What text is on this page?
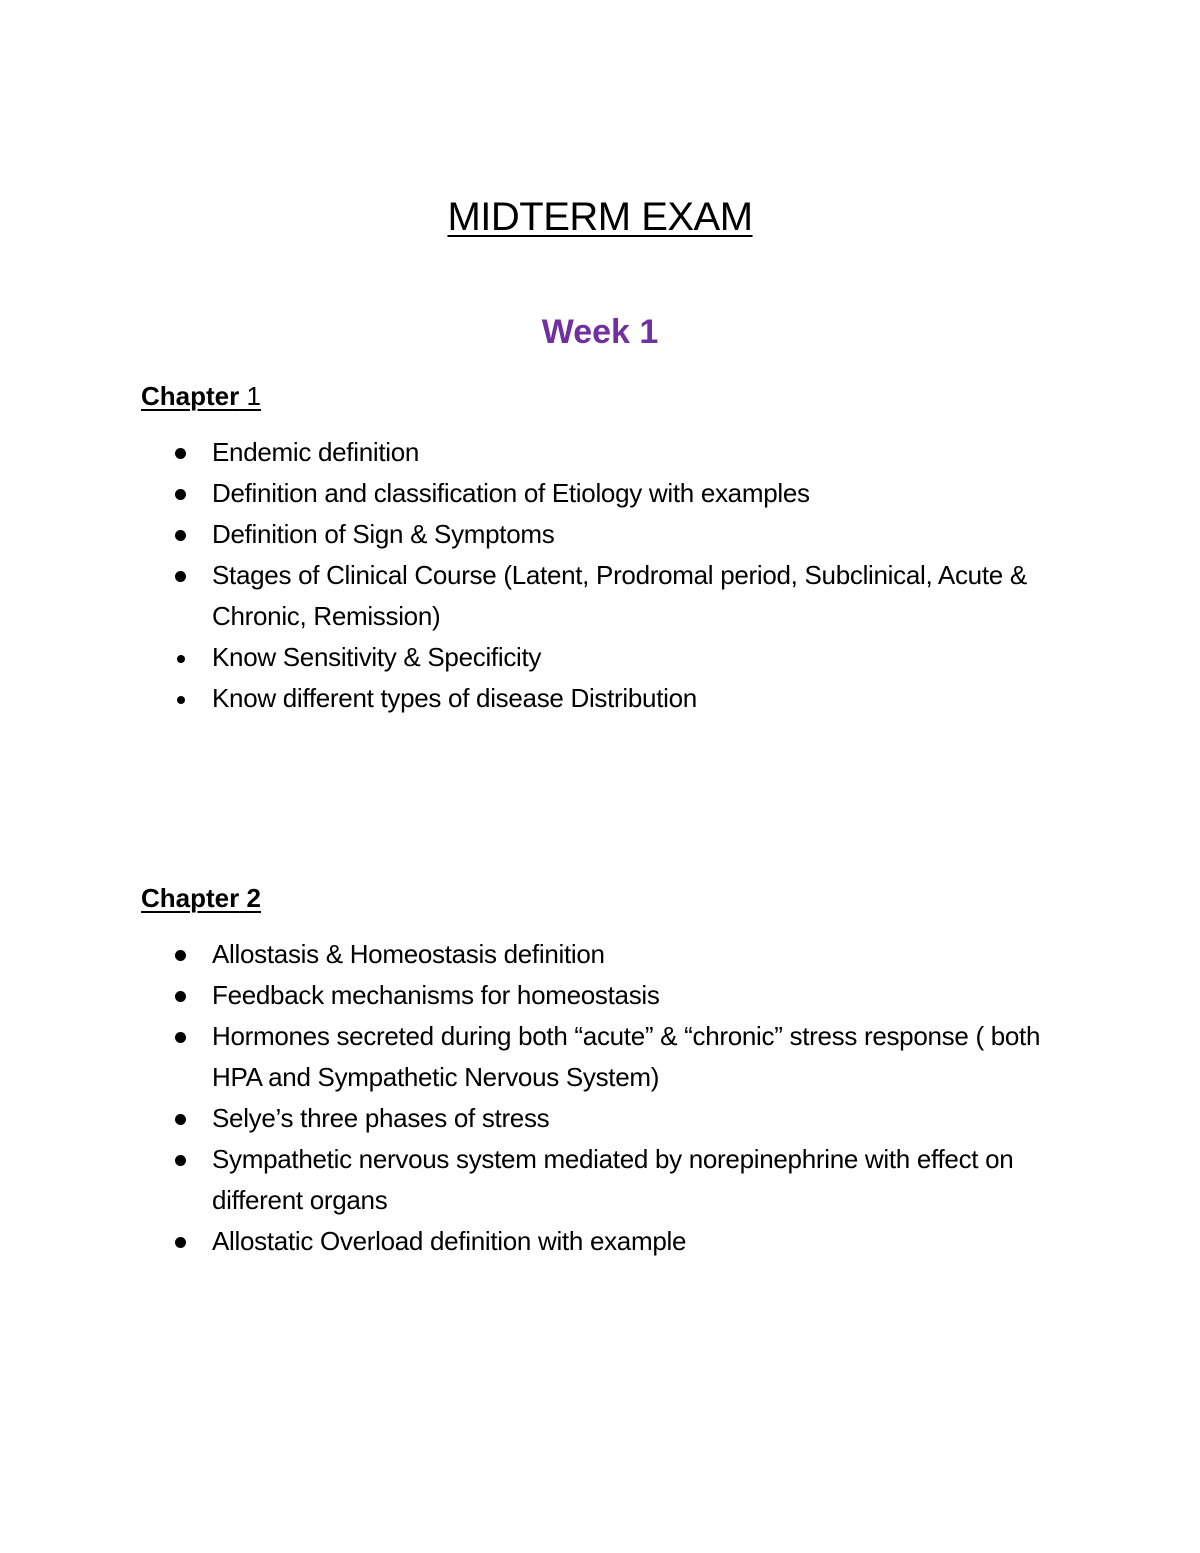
MIDTERM EXAM
Week 1
Chapter 1
Endemic definition
Definition and classification of Etiology with examples
Definition of Sign & Symptoms
Stages of Clinical Course (Latent, Prodromal period, Subclinical, Acute & Chronic, Remission)
Know Sensitivity & Specificity
Know different types of disease Distribution
Chapter 2
Allostasis & Homeostasis definition
Feedback mechanisms for homeostasis
Hormones secreted during both “acute” & “chronic” stress response ( both HPA and Sympathetic Nervous System)
Selye’s three phases of stress
Sympathetic nervous system mediated by norepinephrine with effect on different organs
Allostatic Overload definition with example
